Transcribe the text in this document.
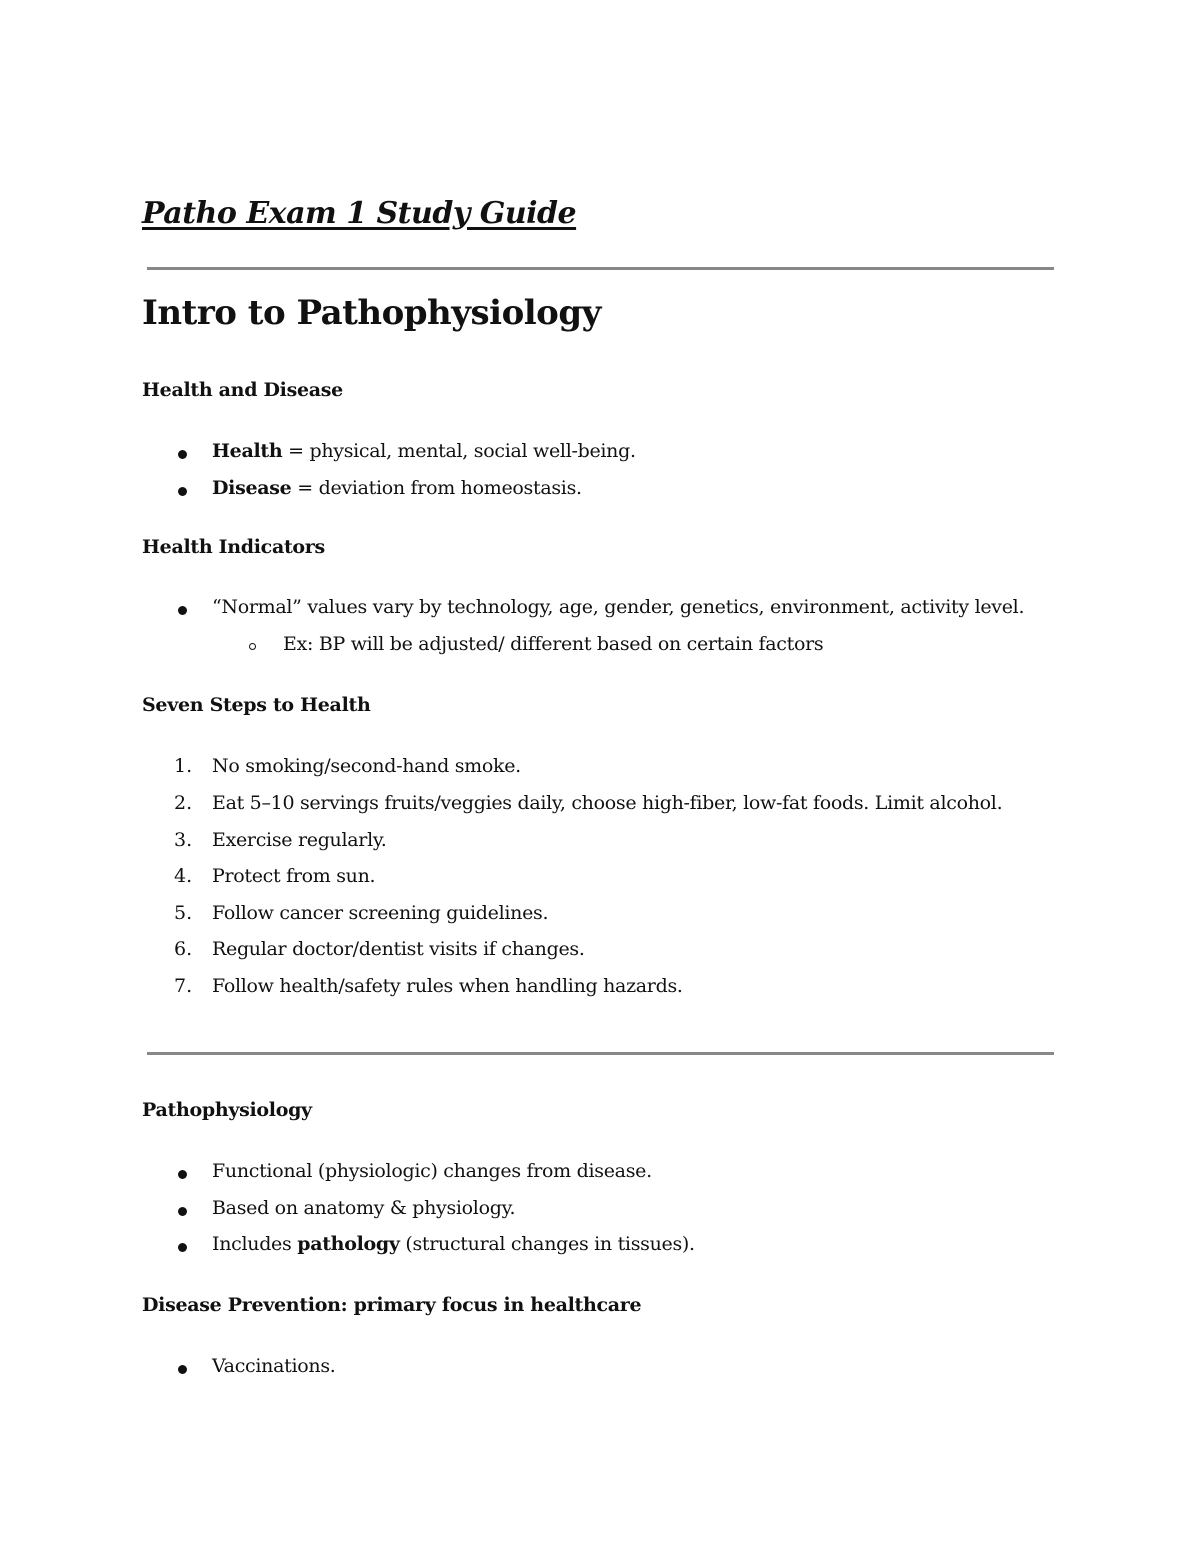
Patho Exam 1 Study Guide
Intro to Pathophysiology
Health and Disease

Health = physical, mental, social well-being.

Disease = deviation from homeostasis.

Health Indicators

“Normal” values vary by technology, age, gender, genetics, environment, activity level.

Ex: BP will be adjusted/ different based on certain factors

Seven Steps to Health
1. No smoking/second-hand smoke.

2. Eat 5–10 servings fruits/veggies daily, choose high-fiber, low-fat foods. Limit alcohol.

3. Exercise regularly.

4. Protect from sun.

5. Follow cancer screening guidelines.

6. Regular doctor/dentist visits if changes.

7. Follow health/safety rules when handling hazards.

Pathophysiology

Functional (physiologic) changes from disease.

Based on anatomy & physiology.

Includes pathology (structural changes in tissues).

Disease Prevention: primary focus in healthcare

Vaccinations.
